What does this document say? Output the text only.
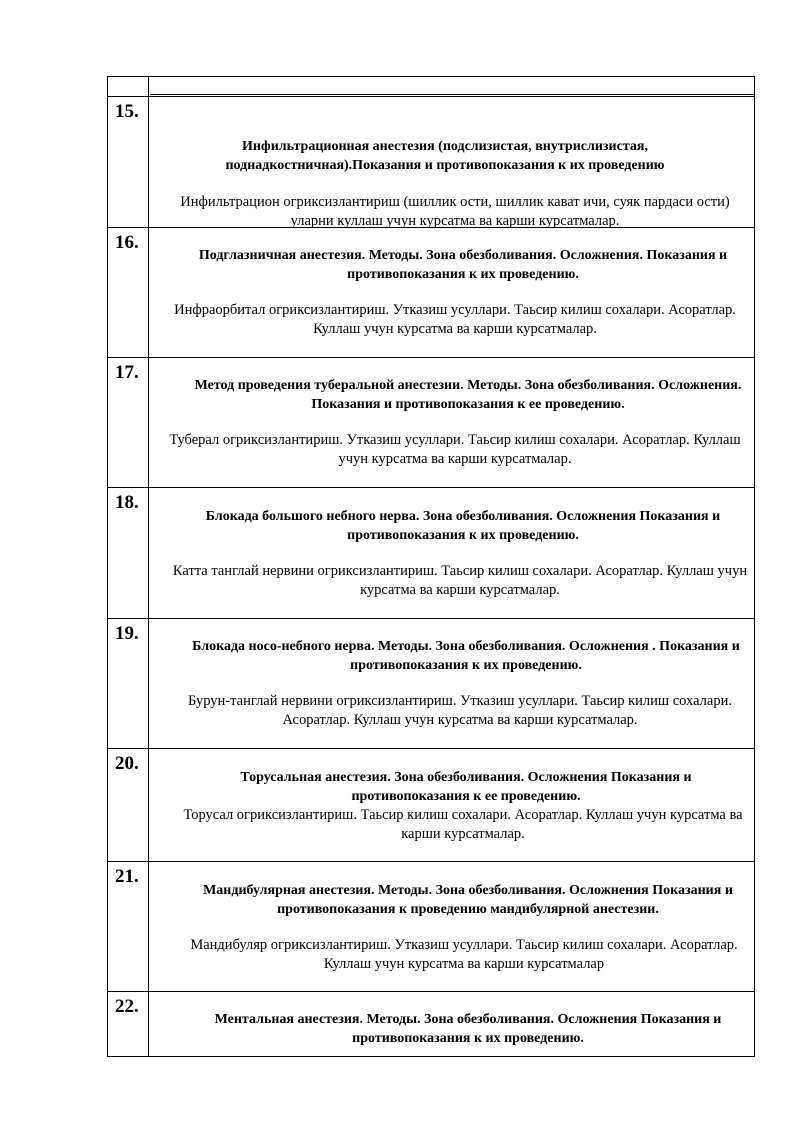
15.
Инфильтрационная анестезия (подслизистая, внутрислизистая, поднадкостничная).Показания и противопоказания к их проведению
Инфильтрацион огриксизлантириш (шиллик ости, шиллик кават ичи, суяк пардаси ости) уларни куллаш учун курсатма ва карши курсатмалар.
16.
Подглазничная анестезия. Методы. Зона обезболивания. Осложнения. Показания и противопоказания к их проведению.
Инфраорбитал огриксизлантириш. Утказиш усуллари. Таьсир килиш сохалари. Асоратлар. Куллаш учун курсатма ва карши курсатмалар.
17.
Метод проведения туберальной анестезии. Методы. Зона обезболивания. Осложнения. Показания и противопоказания к ее проведению.
Туберал огриксизлантириш. Утказиш усуллари. Таьсир килиш сохалари. Асоратлар. Куллаш учун курсатма ва карши курсатмалар.
18.
Блокада большого небного нерва. Зона обезболивания. Осложнения Показания и противопоказания к их проведению.
Катта танглай нервини огриксизлантириш. Таьсир килиш сохалари. Асоратлар. Куллаш учун курсатма ва карши курсатмалар.
19.
Блокада носо-небного нерва. Методы. Зона обезболивания. Осложнения . Показания и противопоказания к их проведению.
Бурун-танглай нервини огриксизлантириш. Утказиш усуллари. Таьсир килиш сохалари. Асоратлар. Куллаш учун курсатма ва карши курсатмалар.
20.
Торусальная анестезия. Зона обезболивания. Осложнения Показания и противопоказания к ее проведению.
Торусал огриксизлантириш. Таьсир килиш сохалари. Асоратлар. Куллаш учун курсатма ва карши курсатмалар.
21.
Мандибулярная анестезия. Методы. Зона обезболивания. Осложнения Показания и противопоказания к проведению мандибулярной анестезии.
Мандибуляр огриксизлантириш. Утказиш усуллари. Таьсир килиш сохалари. Асоратлар. Куллаш учун курсатма ва карши курсатмалар
22.
Ментальная анестезия. Методы. Зона обезболивания. Осложнения Показания и противопоказания к их проведению.
